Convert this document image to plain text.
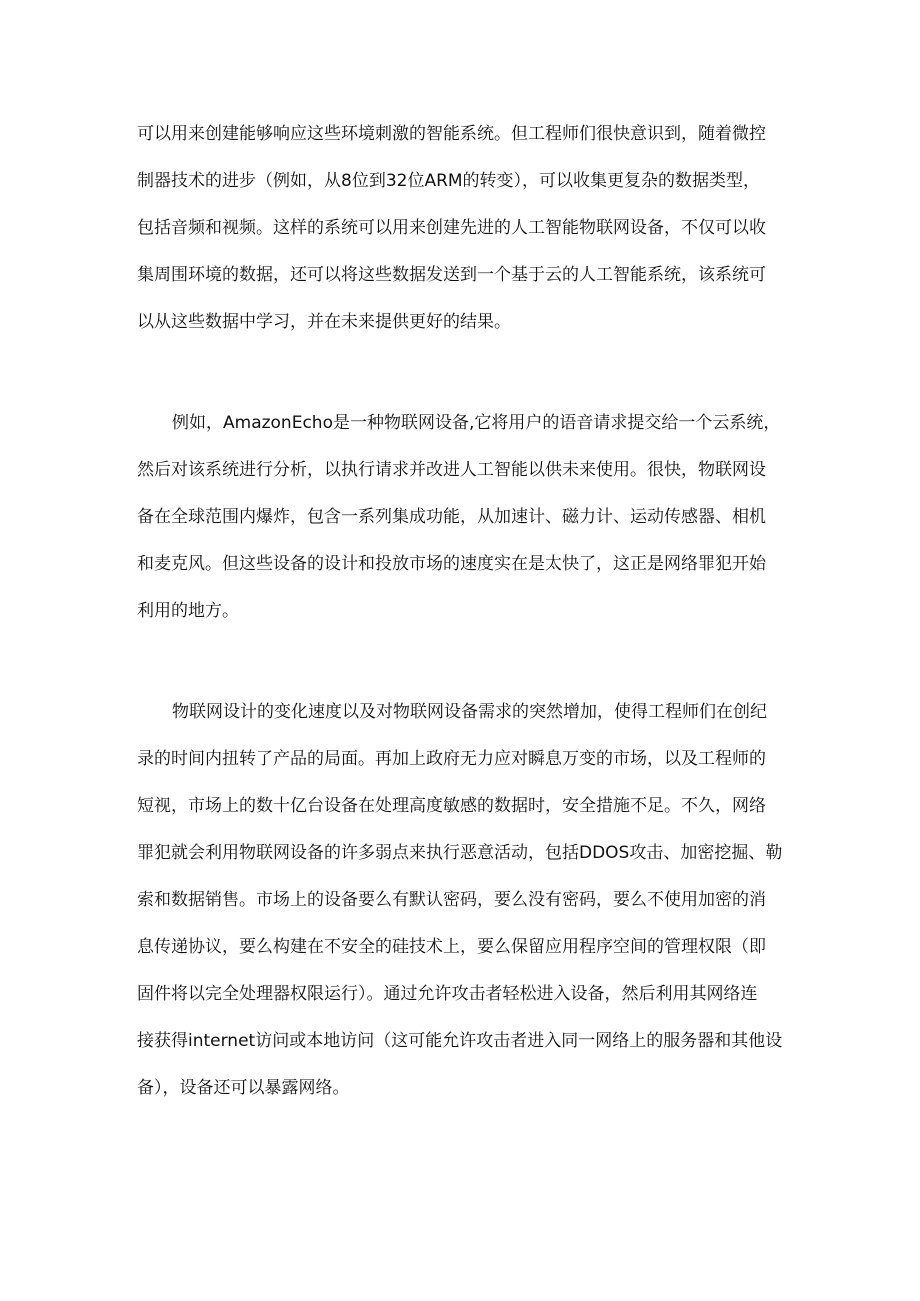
可以用来创建能够响应这些环境刺激的智能系统。但工程师们很快意识到，随着微控
制器技术的进步（例如，从8位到32位ARM的转变），可以收集更复杂的数据类型，
包括音频和视频。这样的系统可以用来创建先进的人工智能物联网设备，不仅可以收
集周围环境的数据，还可以将这些数据发送到一个基于云的人工智能系统，该系统可
以从这些数据中学习，并在未来提供更好的结果。

例如，AmazonEcho是一种物联网设备,它将用户的语音请求提交给一个云系统，
然后对该系统进行分析，以执行请求并改进人工智能以供未来使用。很快，物联网设
备在全球范围内爆炸，包含一系列集成功能，从加速计、磁力计、运动传感器、相机
和麦克风。但这些设备的设计和投放市场的速度实在是太快了，这正是网络罪犯开始
利用的地方。

物联网设计的变化速度以及对物联网设备需求的突然增加，使得工程师们在创纪
录的时间内扭转了产品的局面。再加上政府无力应对瞬息万变的市场，以及工程师的
短视，市场上的数十亿台设备在处理高度敏感的数据时，安全措施不足。不久，网络
罪犯就会利用物联网设备的许多弱点来执行恶意活动，包括DDOS攻击、加密挖掘、勒
索和数据销售。市场上的设备要么有默认密码，要么没有密码，要么不使用加密的消
息传递协议，要么构建在不安全的硅技术上，要么保留应用程序空间的管理权限（即
固件将以完全处理器权限运行）。通过允许攻击者轻松进入设备，然后利用其网络连
接获得internet访问或本地访问（这可能允许攻击者进入同一网络上的服务器和其他设
备），设备还可以暴露网络。
